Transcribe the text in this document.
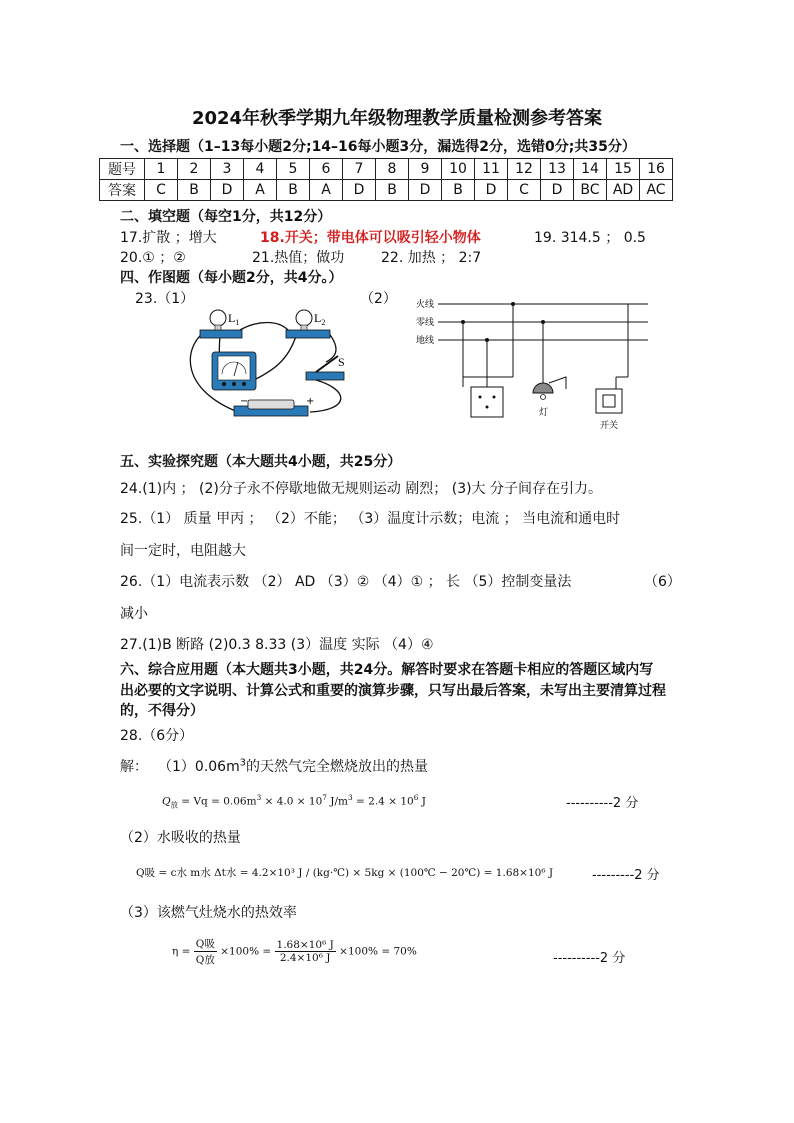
2024年秋季学期九年级物理教学质量检测参考答案
一、选择题（1–13每小题2分;14–16每小题3分，漏选得2分，选错0分;共35分）
题号	1	2	3	4	5	6	7	8	9	10	11	12	13	14	15	16
答案	C	B	D	A	B	A	D	B	D	B	D	C	D	BC	AD	AC
二、填空题（每空1分，共12分）
17.扩散 ；增大	18.开关；带电体可以吸引轻小物体	19. 314.5 ； 0.5
20.① ；②	21.热值；做功	22. 加热 ； 2:7
四、作图题（每小题2分，共4分。）
23.（1）	（2）
$L_1$	$L_2$
S
−	+
火线
零线
地线
灯
开关
五、实验探究题（本大题共4小题，共25分）
24.(1)内 ； (2)分子永不停歇地做无规则运动 剧烈； (3)大 分子间存在引力。
25.（1） 质量 甲丙 ； （2）不能； （3）温度计示数；电流 ； 当电流和通电时
间一定时，电阻越大
26.（1）电流表示数 （2） AD （3）② （4）① ； 长 （5）控制变量法	（6）
减小
27.(1)B 断路 (2)0.3 8.33 (3）温度 实际 （4）④
六、综合应用题（本大题共3小题，共24分。解答时要求在答题卡相应的答题区域内写
出必要的文字说明、计算公式和重要的演算步骤，只写出最后答案，未写出主要清算过程
的，不得分）
28.（6分）
解： $(1)0.06m^3$的天然气完全燃烧放出的热量
$Q_放 = Vq = 0.06m^3 \times 4.0 \times 10^7$ $J/m^3 = 2.4 \times 10^6$ J	----------2 分
（2）水吸收的热量
Q吸 = c水 m水 Δt水 = 4.2×10³ J / (kg·℃) × 5kg × (100℃ − 20℃) = 1.68×10⁶ J	---------2 分
（3）该燃气灶烧水的热效率
$\eta = \frac{\text{Q吸}}{\text{Q放}} \times 100\% = \frac{\text{1.68×10⁶ J}}{\text{2.4×10⁶ J}} \times 100\% = 70\%$	----------2 分
